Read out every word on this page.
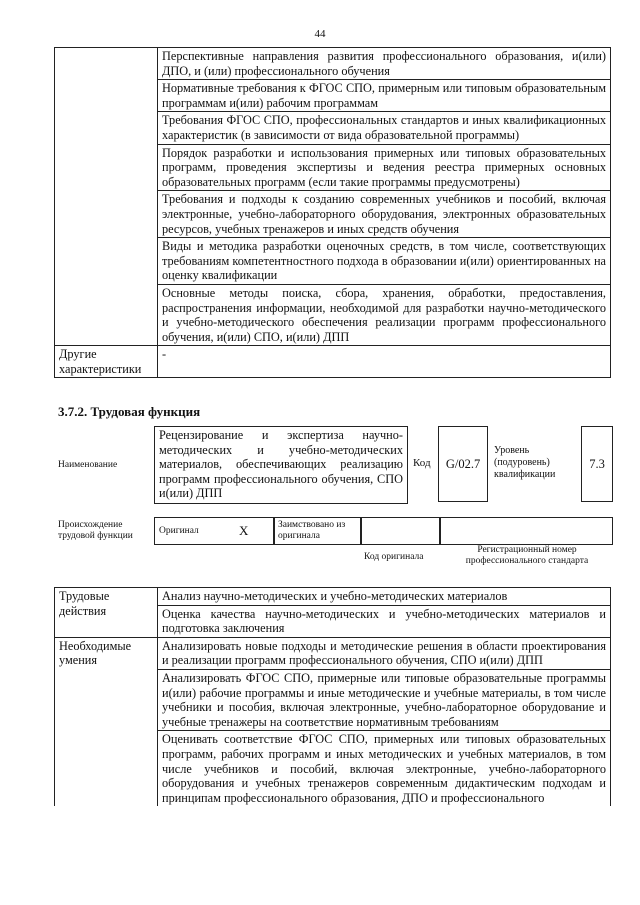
44
	Перспективные направления развития профессионального образования, и(или) ДПО, и (или) профессионального обучения
	Нормативные требования к ФГОС СПО, примерным или типовым образовательным программам и(или) рабочим программам
	Требования ФГОС СПО, профессиональных стандартов и иных квалификационных характеристик (в зависимости от вида образовательной программы)
	Порядок разработки и использования примерных или типовых образовательных программ, проведения экспертизы и ведения реестра примерных основных образовательных программ (если такие программы предусмотрены)
	Требования и подходы к созданию современных учебников и пособий, включая электронные, учебно-лабораторного оборудования, электронных образовательных ресурсов, учебных тренажеров и иных средств обучения
	Виды и методика разработки оценочных средств, в том числе, соответствующих требованиям компетентностного подхода в образовании и(или) ориентированных на оценку квалификации
	Основные методы поиска, сбора, хранения, обработки, предоставления, распространения информации, необходимой для разработки научно-методического и учебно-методического обеспечения реализации программ профессионального обучения, и(или) СПО, и(или) ДПП
Другие характеристики	-
3.7.2. Трудовая функция
Наименование
Рецензирование и экспертиза научно-методических и учебно-методических материалов, обеспечивающих реализацию программ профессионального обучения, СПО и(или) ДПП
Код	G/02.7
Уровень (подуровень) квалификации
7.3
Происхождение трудовой функции	Оригинал	X	Заимствовано из оригинала
Код оригинала
Регистрационный номер профессионального стандарта
Трудовые действия	Анализ научно-методических и учебно-методических материалов
	Оценка качества научно-методических и учебно-методических материалов и подготовка заключения
Необходимые умения	Анализировать новые подходы и методические решения в области проектирования и реализации программ профессионального обучения, СПО и(или) ДПП
	Анализировать ФГОС СПО, примерные или типовые образовательные программы и(или) рабочие программы и иные методические и учебные материалы, в том числе учебники и пособия, включая электронные, учебно-лабораторное оборудование и учебные тренажеры на соответствие нормативным требованиям
	Оценивать соответствие ФГОС СПО, примерных или типовых образовательных программ, рабочих программ и иных методических и учебных материалов, в том числе учебников и пособий, включая электронные, учебно-лабораторного оборудования и учебных тренажеров современным дидактическим подходам и принципам профессионального образования, ДПО и профессионального
